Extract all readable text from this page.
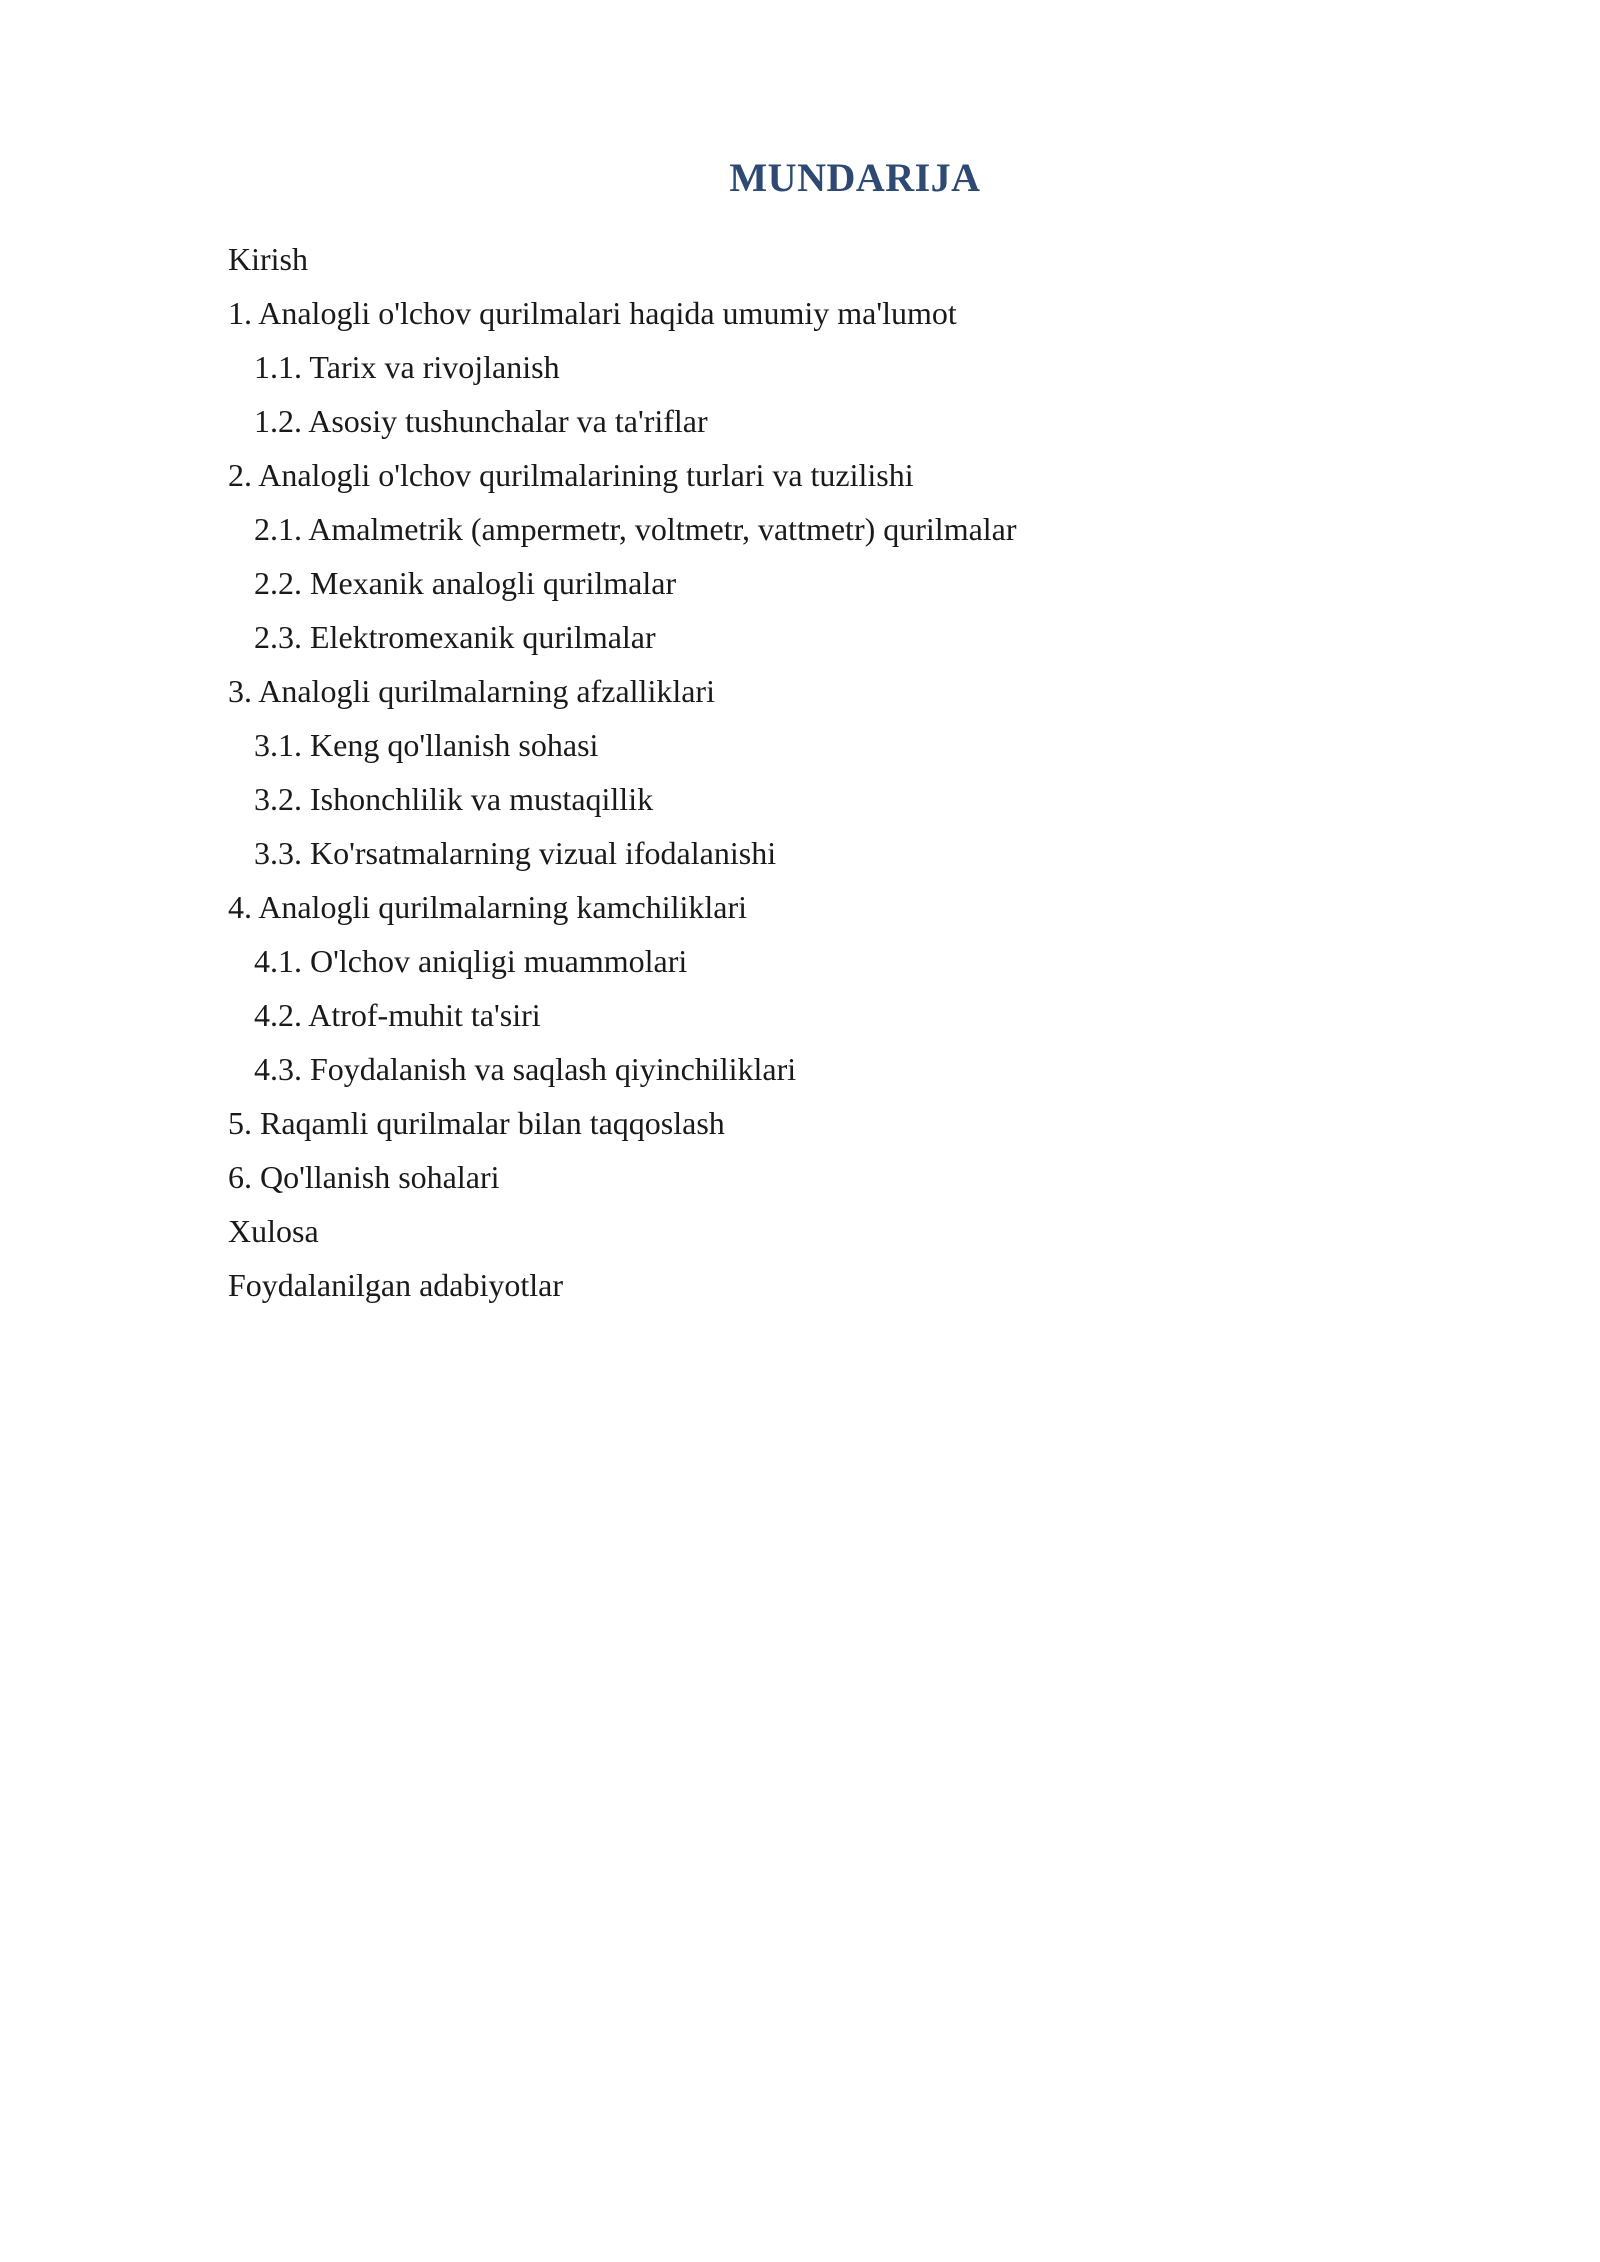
MUNDARIJA
Kirish
1. Analogli o'lchov qurilmalari haqida umumiy ma'lumot
1.1. Tarix va rivojlanish
1.2. Asosiy tushunchalar va ta'riflar
2. Analogli o'lchov qurilmalarining turlari va tuzilishi
2.1. Amalmetrik (ampermetr, voltmetr, vattmetr) qurilmalar
2.2. Mexanik analogli qurilmalar
2.3. Elektromexanik qurilmalar
3. Analogli qurilmalarning afzalliklari
3.1. Keng qo'llanish sohasi
3.2. Ishonchlilik va mustaqillik
3.3. Ko'rsatmalarning vizual ifodalanishi
4. Analogli qurilmalarning kamchiliklari
4.1. O'lchov aniqligi muammolari
4.2. Atrof-muhit ta'siri
4.3. Foydalanish va saqlash qiyinchiliklari
5. Raqamli qurilmalar bilan taqqoslash
6. Qo'llanish sohalari
Xulosa
Foydalanilgan adabiyotlar
